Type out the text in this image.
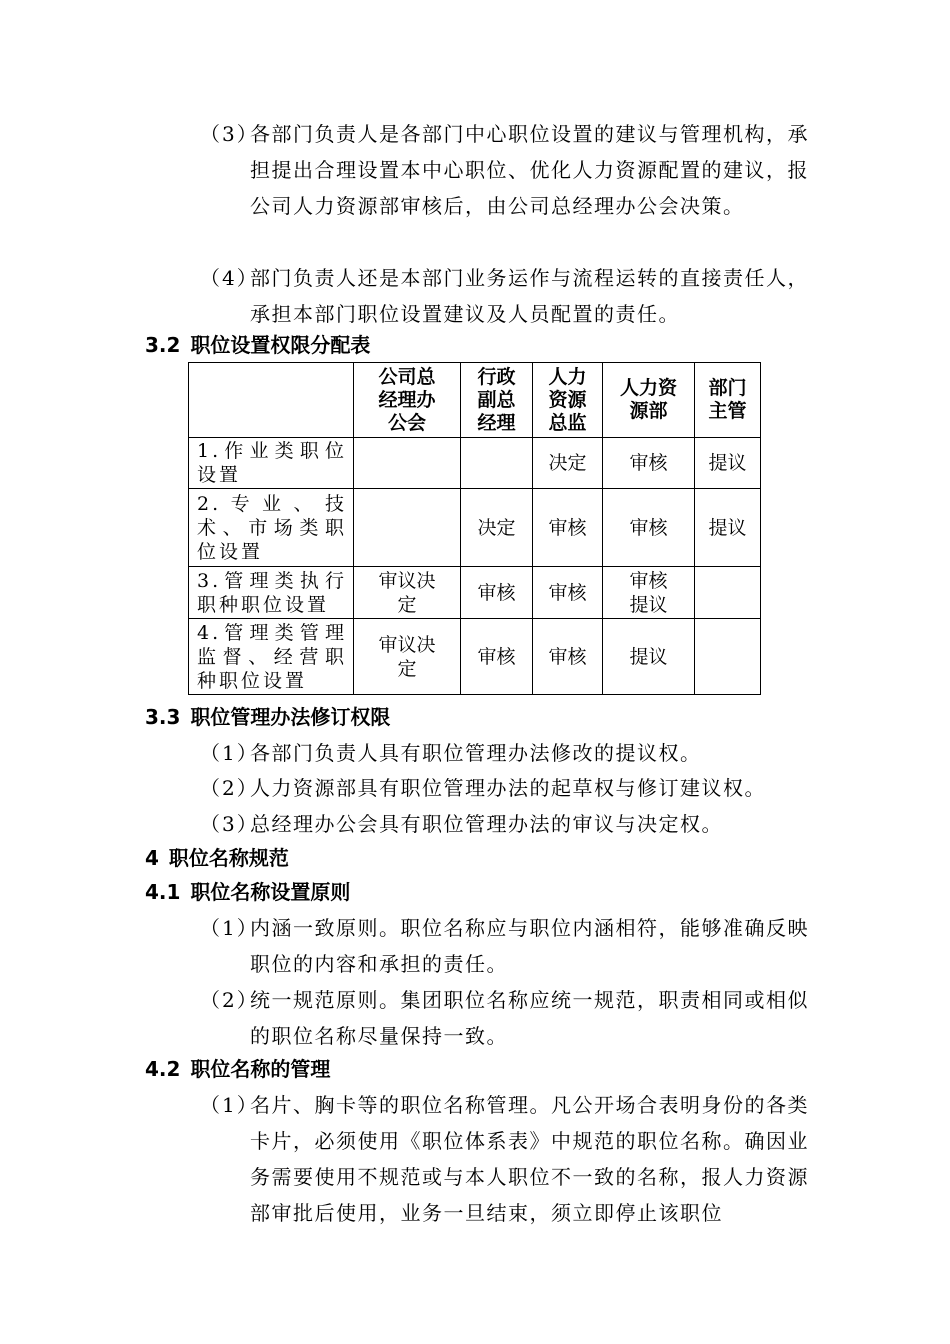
（3）
各部门负责人是各部门中心职位设置的建议与管理机构，承担提出合理设置本中心职位、优化人力资源配置的建议，报公司人力资源部审核后，由公司总经理办公会决策。
（4）
部门负责人还是本部门业务运作与流程运转的直接责任人，承担本部门职位设置建议及人员配置的责任。
3.2 职位设置权限分配表

	公司总经理办公会	行政副总经理	人力资源总监	人力资源部	部门主管

1.作业类职位设置			决定	审核	提议
2.专业、技术、市场类职位设置		决定	审核	审核	提议
3.管理类执行职种职位设置	审议决定	审核	审核	审核提议	

4.管理类管理监督、经营职种职位设置	审议决定	审核	审核	提议	
3.3 职位管理办法修订权限
（1）
各部门负责人具有职位管理办法修改的提议权。
（2）
人力资源部具有职位管理办法的起草权与修订建议权。
（3）
总经理办公会具有职位管理办法的审议与决定权。
4 职位名称规范
4.1 职位名称设置原则
（1）
内涵一致原则。职位名称应与职位内涵相符，能够准确反映职位的内容和承担的责任。
（2）
统一规范原则。集团职位名称应统一规范，职责相同或相似的职位名称尽量保持一致。
4.2 职位名称的管理
（1）
名片、胸卡等的职位名称管理。凡公开场合表明身份的各类卡片，必须使用《职位体系表》中规范的职位名称。确因业务需要使用不规范或与本人职位不一致的名称，报人力资源部审批后使用，业务一旦结束，须立即停止该职位
